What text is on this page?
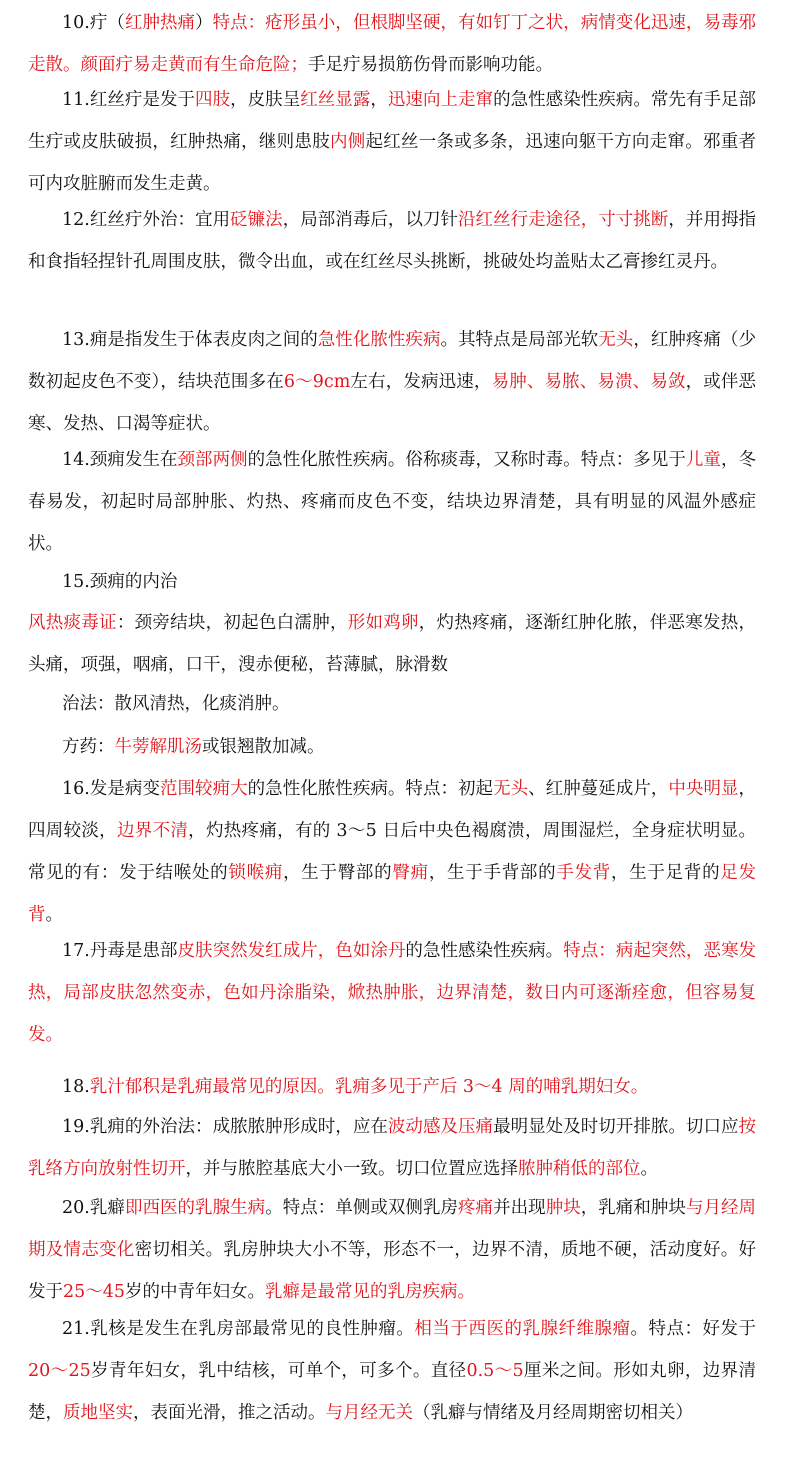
10.疔（红肿热痛）特点：疮形虽小，但根脚坚硬，有如钉丁之状，病情变化迅速，易毒邪走散。颜面疔易走黄而有生命危险；手足疔易损筋伤骨而影响功能。

11.红丝疔是发于四肢，皮肤呈红丝显露，迅速向上走窜的急性感染性疾病。常先有手足部生疔或皮肤破损，红肿热痛，继则患肢内侧起红丝一条或多条，迅速向躯干方向走窜。邪重者可内攻脏腑而发生走黄。

12.红丝疔外治：宜用砭镰法，局部消毒后，以刀针沿红丝行走途径，寸寸挑断，并用拇指和食指轻捏针孔周围皮肤，微令出血，或在红丝尽头挑断，挑破处均盖贴太乙膏掺红灵丹。

13.痈是指发生于体表皮肉之间的急性化脓性疾病。其特点是局部光软无头，红肿疼痛（少数初起皮色不变），结块范围多在6～9cm左右，发病迅速，易肿、易脓、易溃、易敛，或伴恶寒、发热、口渴等症状。

14.颈痈发生在颈部两侧的急性化脓性疾病。俗称痰毒，又称时毒。特点：多见于儿童，冬春易发，初起时局部肿胀、灼热、疼痛而皮色不变，结块边界清楚，具有明显的风温外感症状。

15.颈痈的内治

风热痰毒证：颈旁结块，初起色白濡肿，形如鸡卵，灼热疼痛，逐渐红肿化脓，伴恶寒发热，头痛，项强，咽痛，口干，溲赤便秘，苔薄腻，脉滑数

治法：散风清热，化痰消肿。

方药：牛蒡解肌汤或银翘散加减。

16.发是病变范围较痈大的急性化脓性疾病。特点：初起无头、红肿蔓延成片，中央明显，四周较淡，边界不清，灼热疼痛，有的 3～5 日后中央色褐腐溃，周围湿烂，全身症状明显。常见的有：发于结喉处的锁喉痈，生于臀部的臀痈，生于手背部的手发背，生于足背的足发背。

17.丹毒是患部皮肤突然发红成片，色如涂丹的急性感染性疾病。特点：病起突然，恶寒发热，局部皮肤忽然变赤，色如丹涂脂染，焮热肿胀，边界清楚，数日内可逐渐痊愈，但容易复发。

18.乳汁郁积是乳痈最常见的原因。乳痈多见于产后 3～4 周的哺乳期妇女。

19.乳痈的外治法：成脓脓肿形成时，应在波动感及压痛最明显处及时切开排脓。切口应按乳络方向放射性切开，并与脓腔基底大小一致。切口位置应选择脓肿稍低的部位。

20.乳癖即西医的乳腺生病。特点：单侧或双侧乳房疼痛并出现肿块，乳痛和肿块与月经周期及情志变化密切相关。乳房肿块大小不等，形态不一，边界不清，质地不硬，活动度好。好发于25～45岁的中青年妇女。乳癖是最常见的乳房疾病。

21.乳核是发生在乳房部最常见的良性肿瘤。相当于西医的乳腺纤维腺瘤。特点：好发于20～25岁青年妇女，乳中结核，可单个，可多个。直径0.5～5厘米之间。形如丸卵，边界清楚，质地坚实，表面光滑，推之活动。与月经无关（乳癖与情绪及月经周期密切相关）
